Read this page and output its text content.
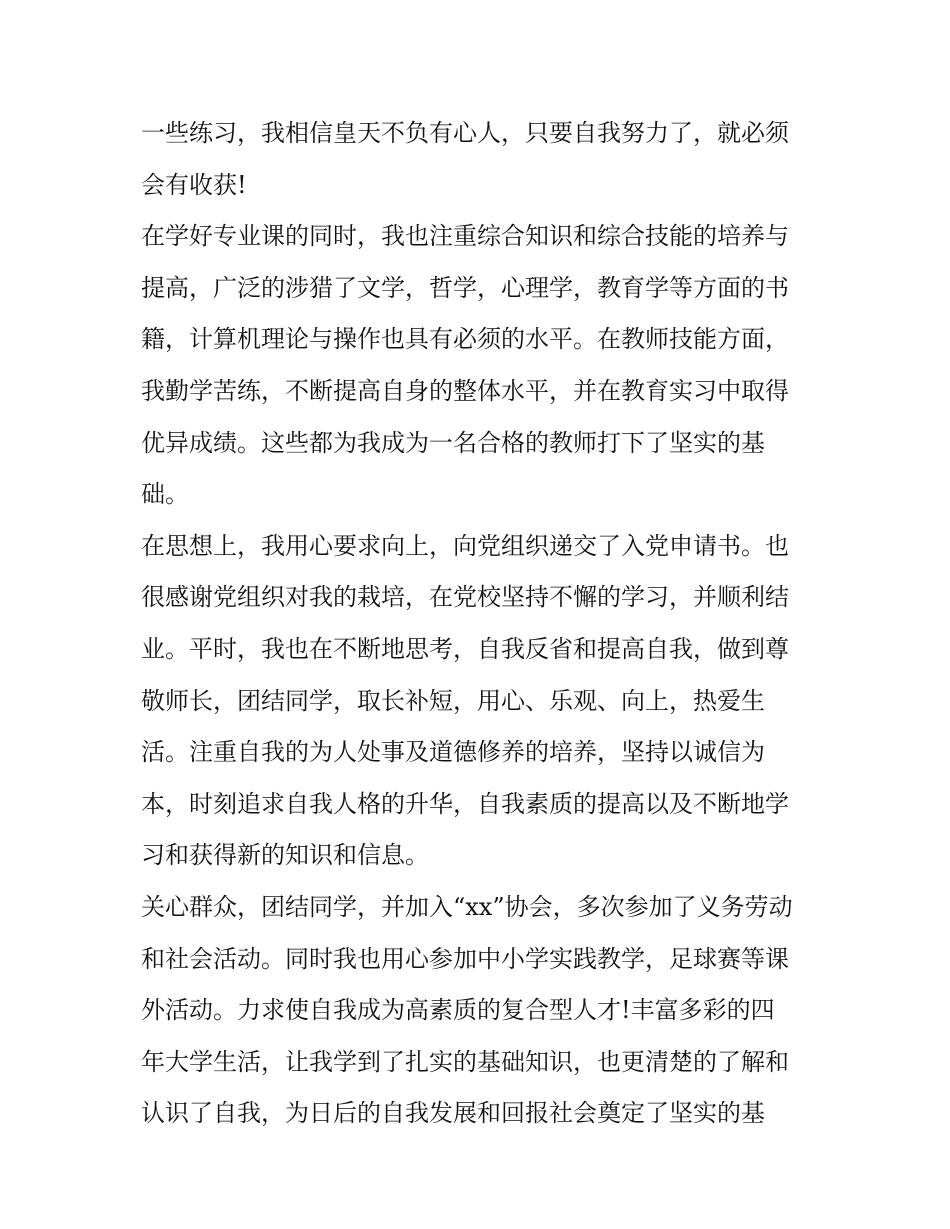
一些练习，我相信皇天不负有心人，只要自我努力了，就必须
会有收获!
在学好专业课的同时，我也注重综合知识和综合技能的培养与
提高，广泛的涉猎了文学，哲学，心理学，教育学等方面的书
籍，计算机理论与操作也具有必须的水平。在教师技能方面，
我勤学苦练，不断提高自身的整体水平，并在教育实习中取得
优异成绩。这些都为我成为一名合格的教师打下了坚实的基
础。
在思想上，我用心要求向上，向党组织递交了入党申请书。也
很感谢党组织对我的栽培，在党校坚持不懈的学习，并顺利结
业。平时，我也在不断地思考，自我反省和提高自我，做到尊
敬师长，团结同学，取长补短，用心、乐观、向上，热爱生
活。注重自我的为人处事及道德修养的培养，坚持以诚信为
本，时刻追求自我人格的升华，自我素质的提高以及不断地学
习和获得新的知识和信息。
关心群众，团结同学，并加入“xx”协会，多次参加了义务劳动
和社会活动。同时我也用心参加中小学实践教学，足球赛等课
外活动。力求使自我成为高素质的复合型人才!丰富多彩的四
年大学生活，让我学到了扎实的基础知识，也更清楚的了解和
认识了自我，为日后的自我发展和回报社会奠定了坚实的基
